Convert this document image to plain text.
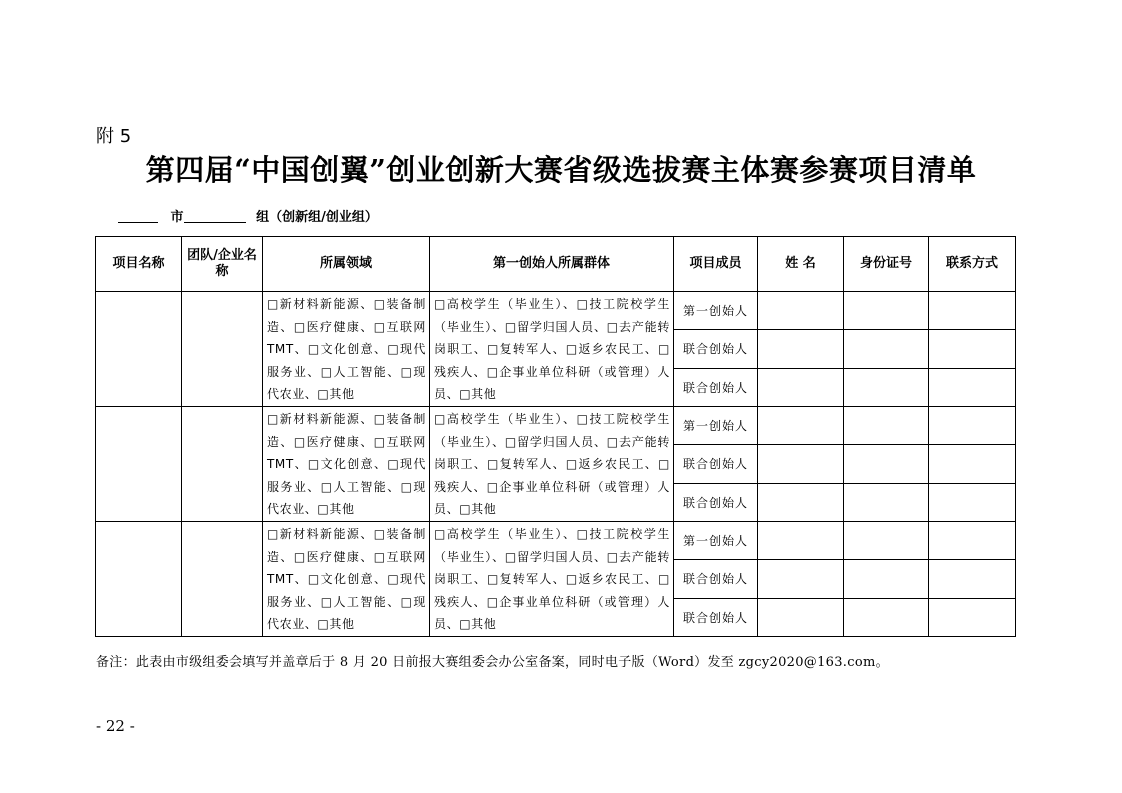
附 5
第四届“中国创翼”创业创新大赛省级选拔赛主体赛参赛项目清单
市	组（创新组/创业组）
项目名称	团队/企业名称	所属领域	第一创始人所属群体	项目成员	姓 名	身份证号	联系方式
		□新材料新能源、□装备制造、□医疗健康、□互联网 TMT、□文化创意、□现代服务业、□人工智能、□现代农业、□其他	□高校学生（毕业生）、□技工院校学生（毕业生）、□留学归国人员、□去产能转岗职工、□复转军人、□返乡农民工、□残疾人、□企事业单位科研（或管理）人员、□其他	第一创始人			
				联合创始人			
				联合创始人			
		□新材料新能源、□装备制造、□医疗健康、□互联网 TMT、□文化创意、□现代服务业、□人工智能、□现代农业、□其他	□高校学生（毕业生）、□技工院校学生（毕业生）、□留学归国人员、□去产能转岗职工、□复转军人、□返乡农民工、□残疾人、□企事业单位科研（或管理）人员、□其他	第一创始人			
				联合创始人			
				联合创始人			
		□新材料新能源、□装备制造、□医疗健康、□互联网 TMT、□文化创意、□现代服务业、□人工智能、□现代农业、□其他	□高校学生（毕业生）、□技工院校学生（毕业生）、□留学归国人员、□去产能转岗职工、□复转军人、□返乡农民工、□残疾人、□企事业单位科研（或管理）人员、□其他	第一创始人			
				联合创始人			
				联合创始人			
备注：此表由市级组委会填写并盖章后于 8 月 20 日前报大赛组委会办公室备案，同时电子版（Word）发至 zgcy2020@163.com。
- 22 -
